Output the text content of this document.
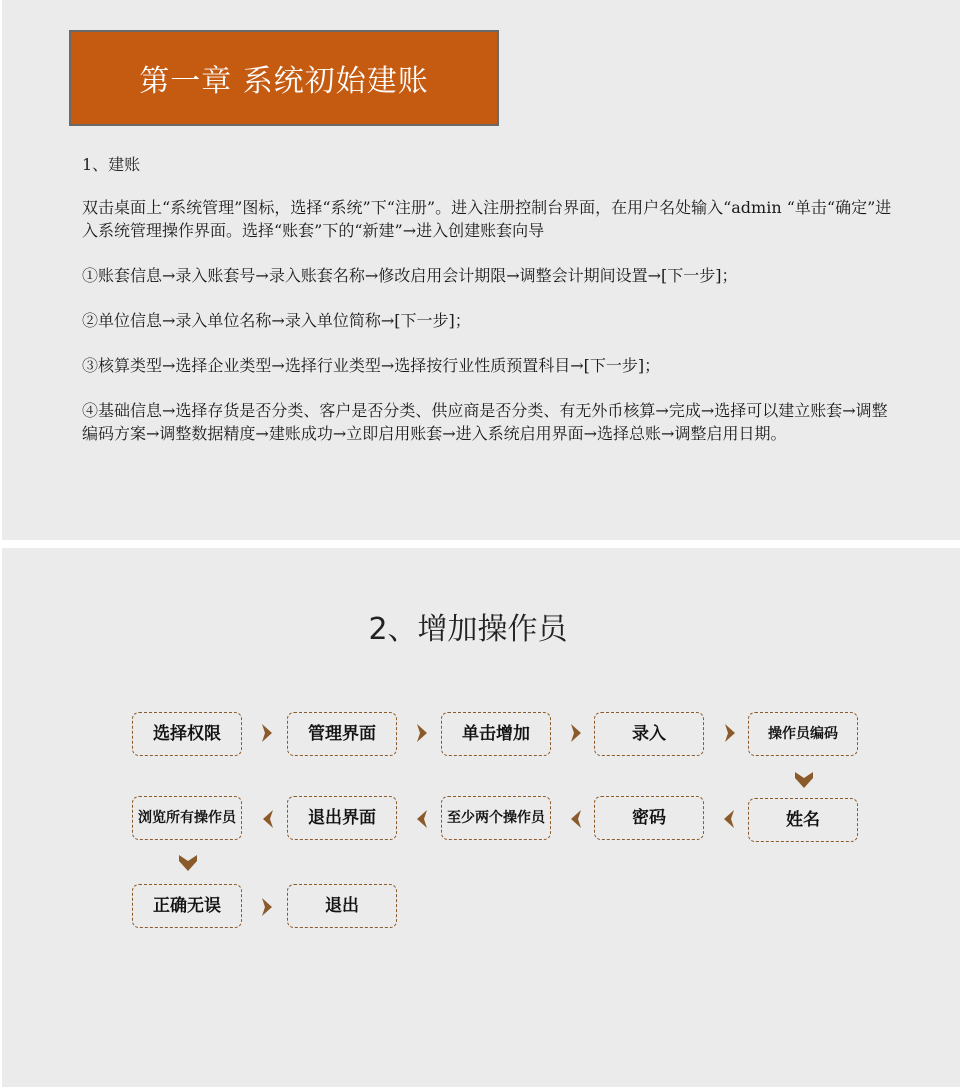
第一章 系统初始建账
1、建账
双击桌面上“系统管理”图标，选择“系统”下“注册”。进入注册控制台界面，在用户名处输入“admin “单击“确定”进入系统管理操作界面。选择“账套”下的“新建”→进入创建账套向导
①账套信息→录入账套号→录入账套名称→修改启用会计期限→调整会计期间设置→[下一步]；
②单位信息→录入单位名称→录入单位简称→[下一步]；
③核算类型→选择企业类型→选择行业类型→选择按行业性质预置科目→[下一步]；
④基础信息→选择存货是否分类、客户是否分类、供应商是否分类、有无外币核算→完成→选择可以建立账套→调整编码方案→调整数据精度→建账成功→立即启用账套→进入系统启用界面→选择总账→调整启用日期。
2、增加操作员
选择权限	管理界面	单击增加	录入	操作员编码
姓名
密码
至少两个操作员
退出界面
浏览所有操作员
正确无误	退出
